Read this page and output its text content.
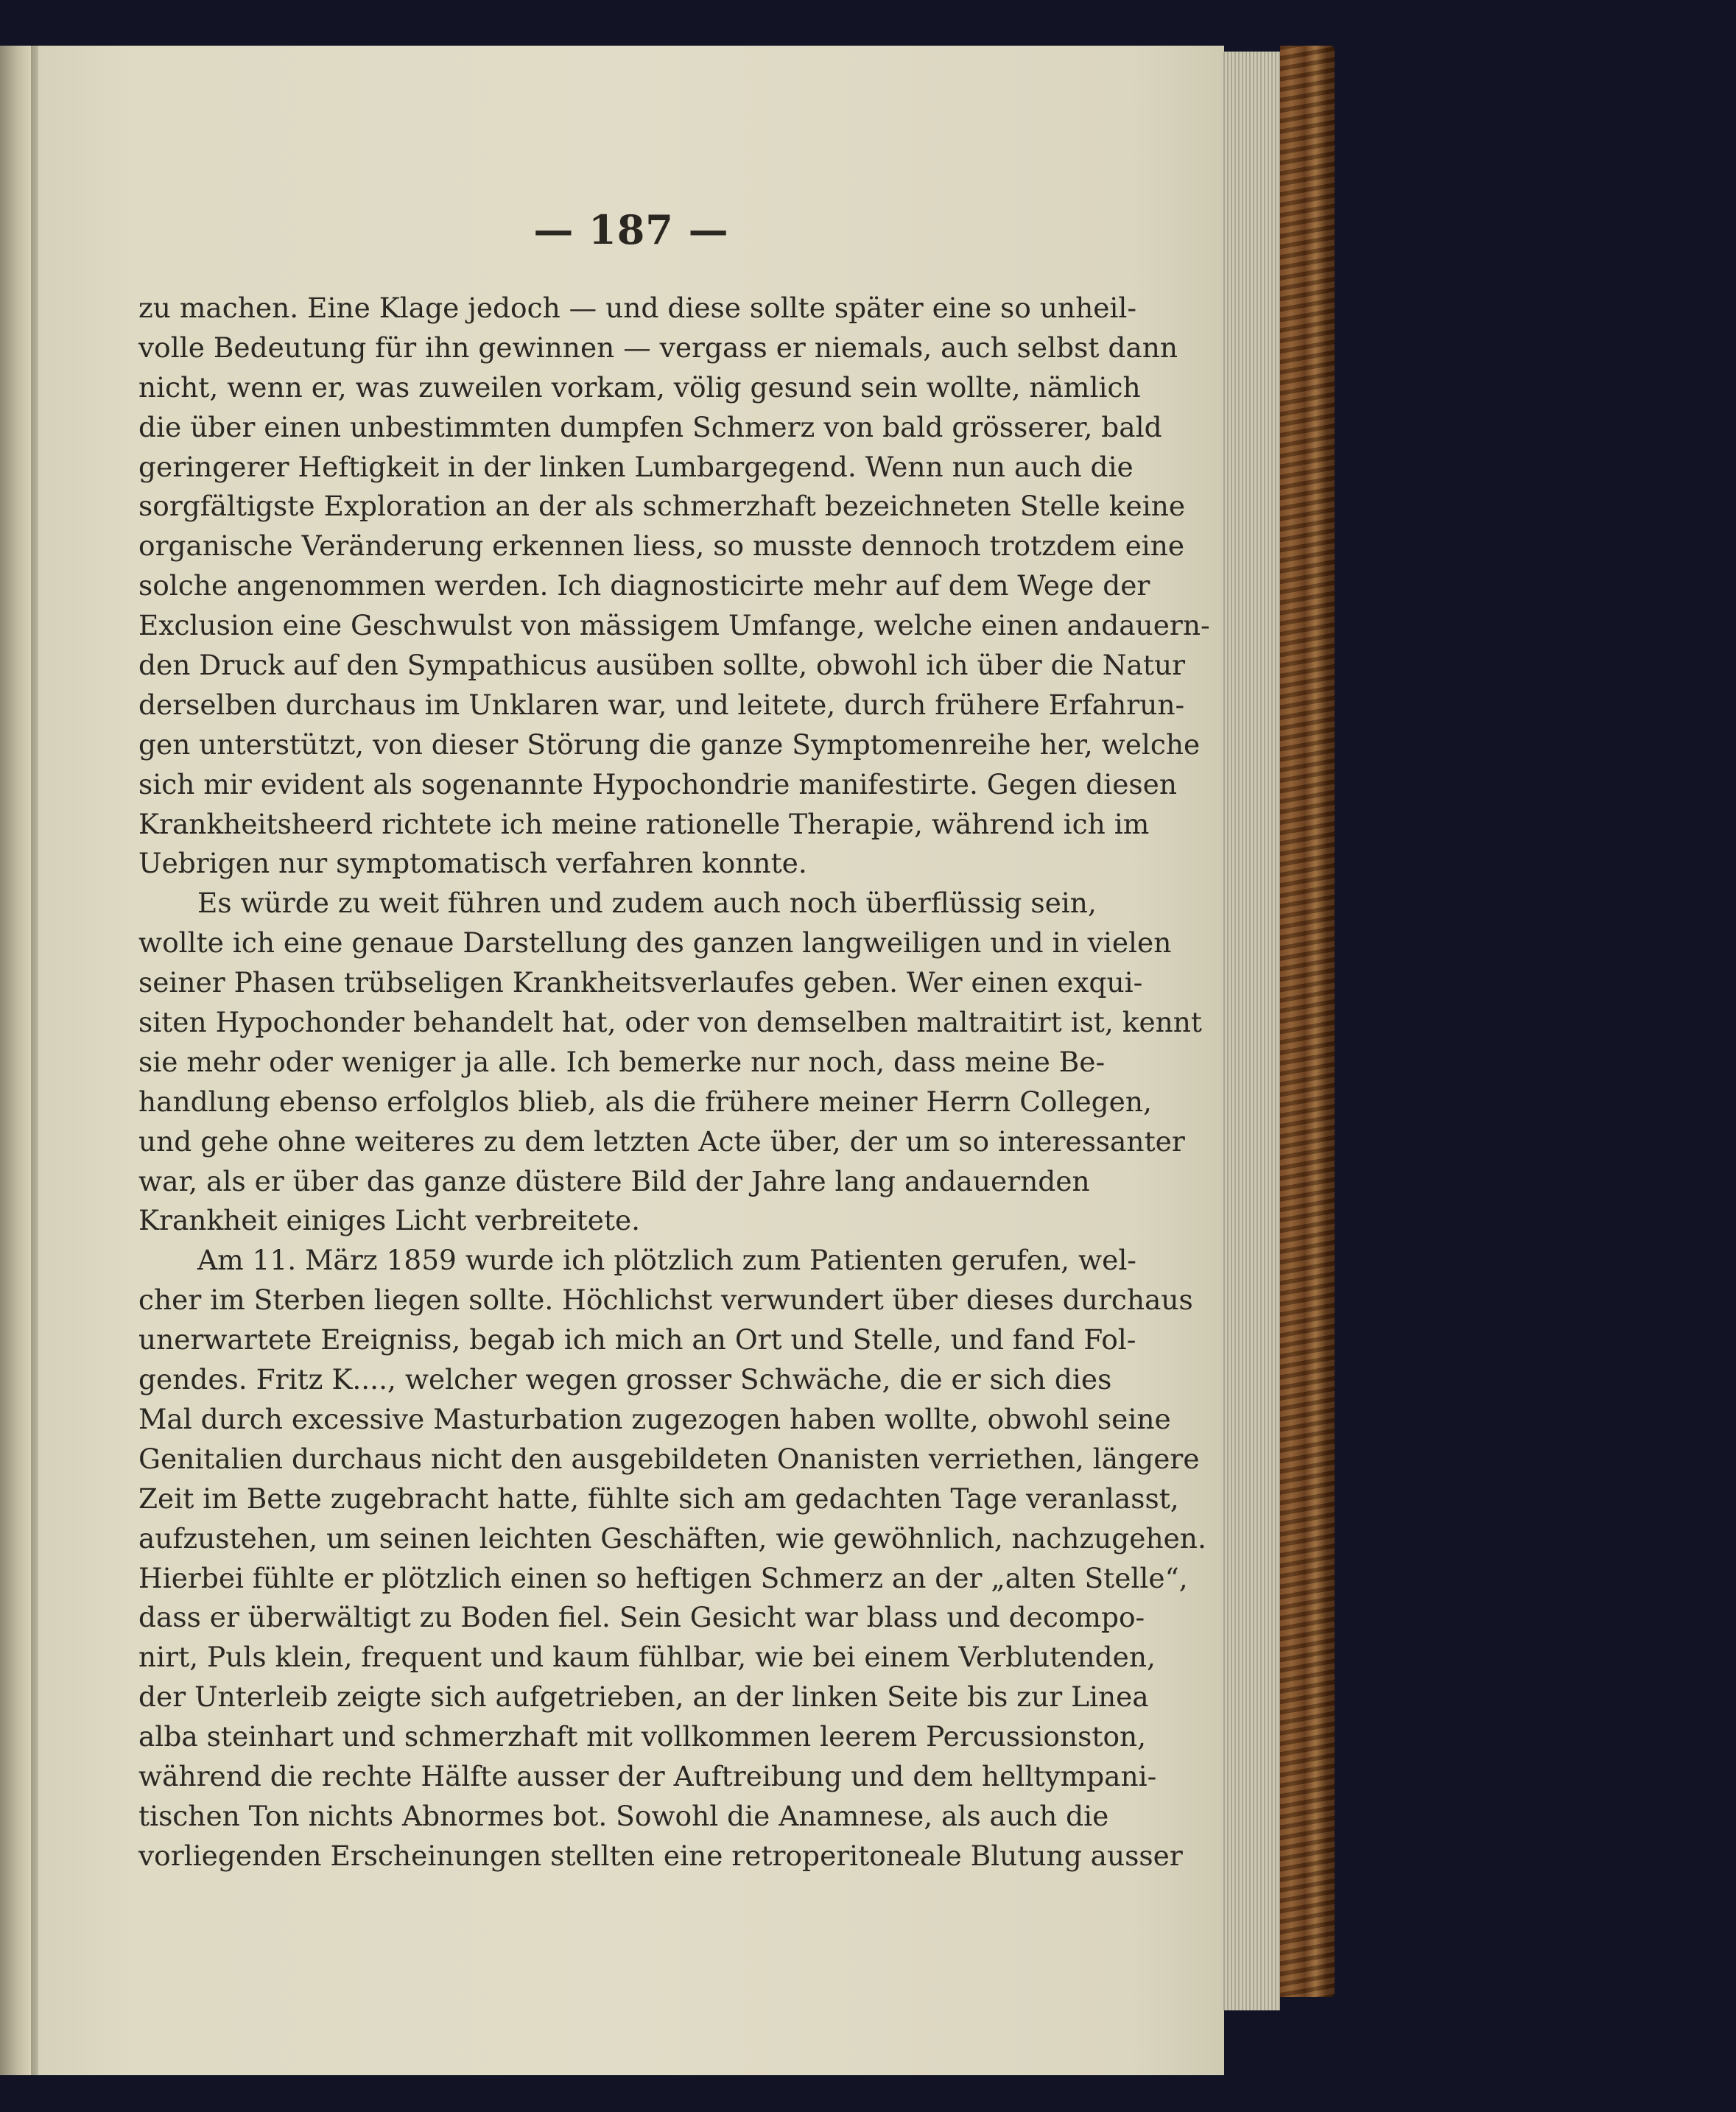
— 187 —
zu machen. Eine Klage jedoch — und diese sollte später eine so unheil-
volle Bedeutung für ihn gewinnen — vergass er niemals, auch selbst dann
nicht, wenn er, was zuweilen vorkam, völig gesund sein wollte, nämlich
die über einen unbestimmten dumpfen Schmerz von bald grösserer, bald
geringerer Heftigkeit in der linken Lumbargegend. Wenn nun auch die
sorgfältigste Exploration an der als schmerzhaft bezeichneten Stelle keine
organische Veränderung erkennen liess, so musste dennoch trotzdem eine
solche angenommen werden. Ich diagnosticirte mehr auf dem Wege der
Exclusion eine Geschwulst von mässigem Umfange, welche einen andauern-
den Druck auf den Sympathicus ausüben sollte, obwohl ich über die Natur
derselben durchaus im Unklaren war, und leitete, durch frühere Erfahrun-
gen unterstützt, von dieser Störung die ganze Symptomenreihe her, welche
sich mir evident als sogenannte Hypochondrie manifestirte. Gegen diesen
Krankheitsheerd richtete ich meine rationelle Therapie, während ich im
Uebrigen nur symptomatisch verfahren konnte.
Es würde zu weit führen und zudem auch noch überflüssig sein,
wollte ich eine genaue Darstellung des ganzen langweiligen und in vielen
seiner Phasen trübseligen Krankheitsverlaufes geben. Wer einen exqui-
siten Hypochonder behandelt hat, oder von demselben maltraitirt ist, kennt
sie mehr oder weniger ja alle. Ich bemerke nur noch, dass meine Be-
handlung ebenso erfolglos blieb, als die frühere meiner Herrn Collegen,
und gehe ohne weiteres zu dem letzten Acte über, der um so interessanter
war, als er über das ganze düstere Bild der Jahre lang andauernden
Krankheit einiges Licht verbreitete.
Am 11. März 1859 wurde ich plötzlich zum Patienten gerufen, wel-
cher im Sterben liegen sollte. Höchlichst verwundert über dieses durchaus
unerwartete Ereigniss, begab ich mich an Ort und Stelle, und fand Fol-
gendes. Fritz K...., welcher wegen grosser Schwäche, die er sich dies
Mal durch excessive Masturbation zugezogen haben wollte, obwohl seine
Genitalien durchaus nicht den ausgebildeten Onanisten verriethen, längere
Zeit im Bette zugebracht hatte, fühlte sich am gedachten Tage veranlasst,
aufzustehen, um seinen leichten Geschäften, wie gewöhnlich, nachzugehen.
Hierbei fühlte er plötzlich einen so heftigen Schmerz an der „alten Stelle“,
dass er überwältigt zu Boden fiel. Sein Gesicht war blass und decompo-
nirt, Puls klein, frequent und kaum fühlbar, wie bei einem Verblutenden,
der Unterleib zeigte sich aufgetrieben, an der linken Seite bis zur Linea
alba steinhart und schmerzhaft mit vollkommen leerem Percussionston,
während die rechte Hälfte ausser der Auftreibung und dem helltympani-
tischen Ton nichts Abnormes bot. Sowohl die Anamnese, als auch die
vorliegenden Erscheinungen stellten eine retroperitoneale Blutung ausser
